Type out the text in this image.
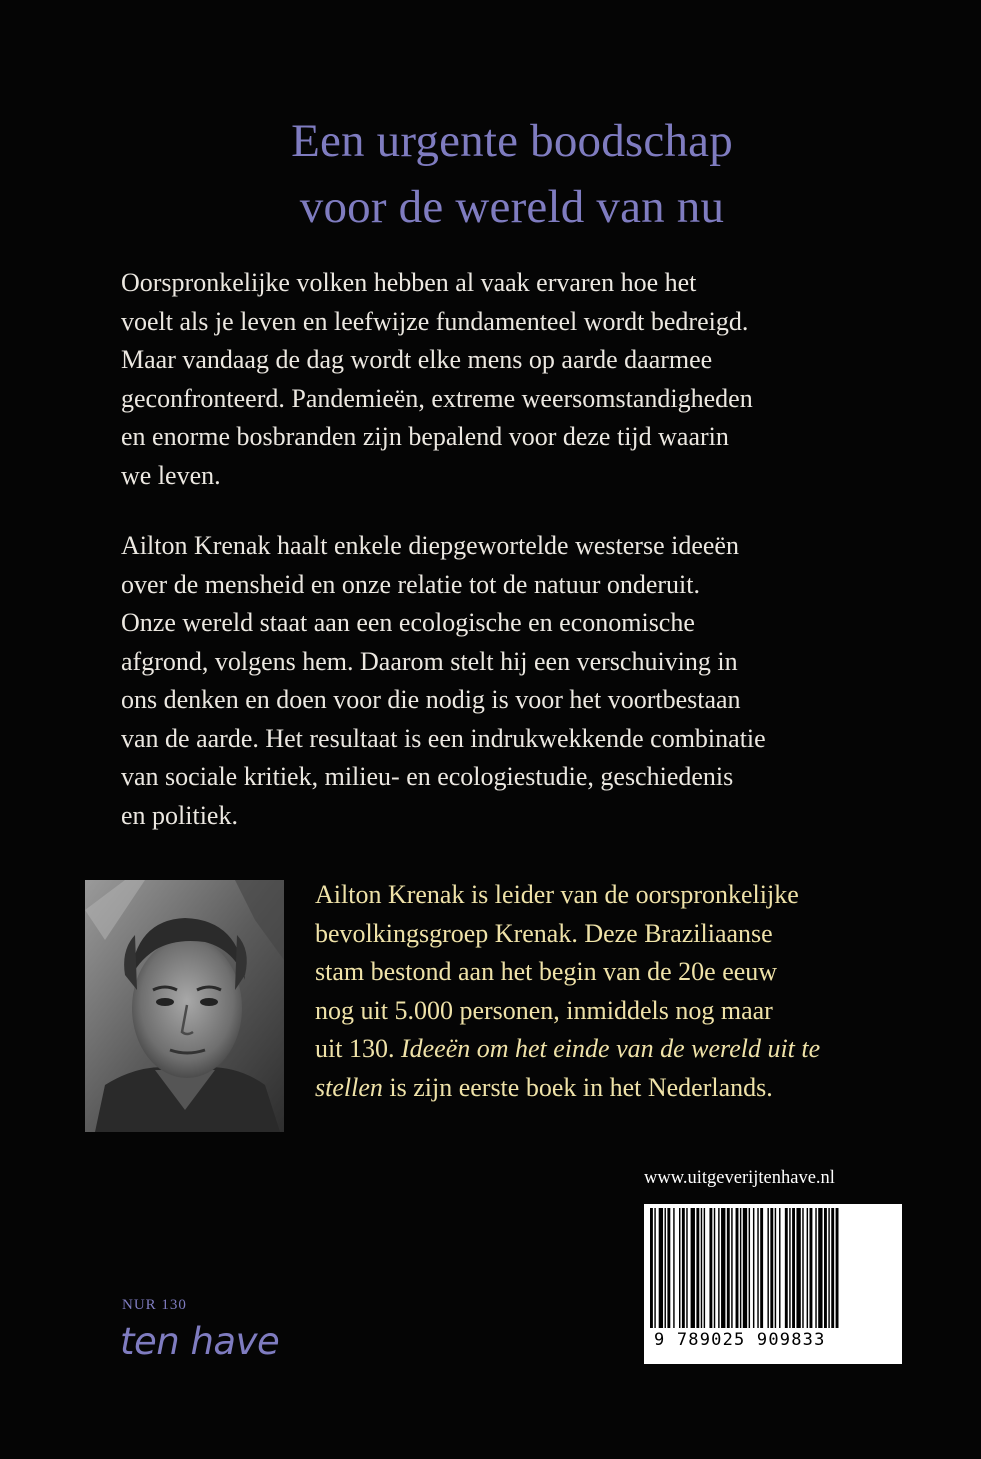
Een urgente boodschap
voor de wereld van nu
Oorspronkelijke volken hebben al vaak ervaren hoe het
voelt als je leven en leefwijze fundamenteel wordt bedreigd.
Maar vandaag de dag wordt elke mens op aarde daarmee
geconfronteerd. Pandemieën, extreme weersomstandigheden
en enorme bosbranden zijn bepalend voor deze tijd waarin
we leven.
Ailton Krenak haalt enkele diepgewortelde westerse ideeën
over de mensheid en onze relatie tot de natuur onderuit.
Onze wereld staat aan een ecologische en economische
afgrond, volgens hem. Daarom stelt hij een verschuiving in
ons denken en doen voor die nodig is voor het voortbestaan
van de aarde. Het resultaat is een indrukwekkende combinatie
van sociale kritiek, milieu- en ecologiestudie, geschiedenis
en politiek.
Ailton Krenak is leider van de oorspronkelijke
bevolkingsgroep Krenak. Deze Braziliaanse
stam bestond aan het begin van de 20e eeuw
nog uit 5.000 personen, inmiddels nog maar
uit 130. Ideeën om het einde van de wereld uit te
stellen is zijn eerste boek in het Nederlands.
www.uitgeverijtenhave.nl
9 789025 909833
NUR 130
ten have
